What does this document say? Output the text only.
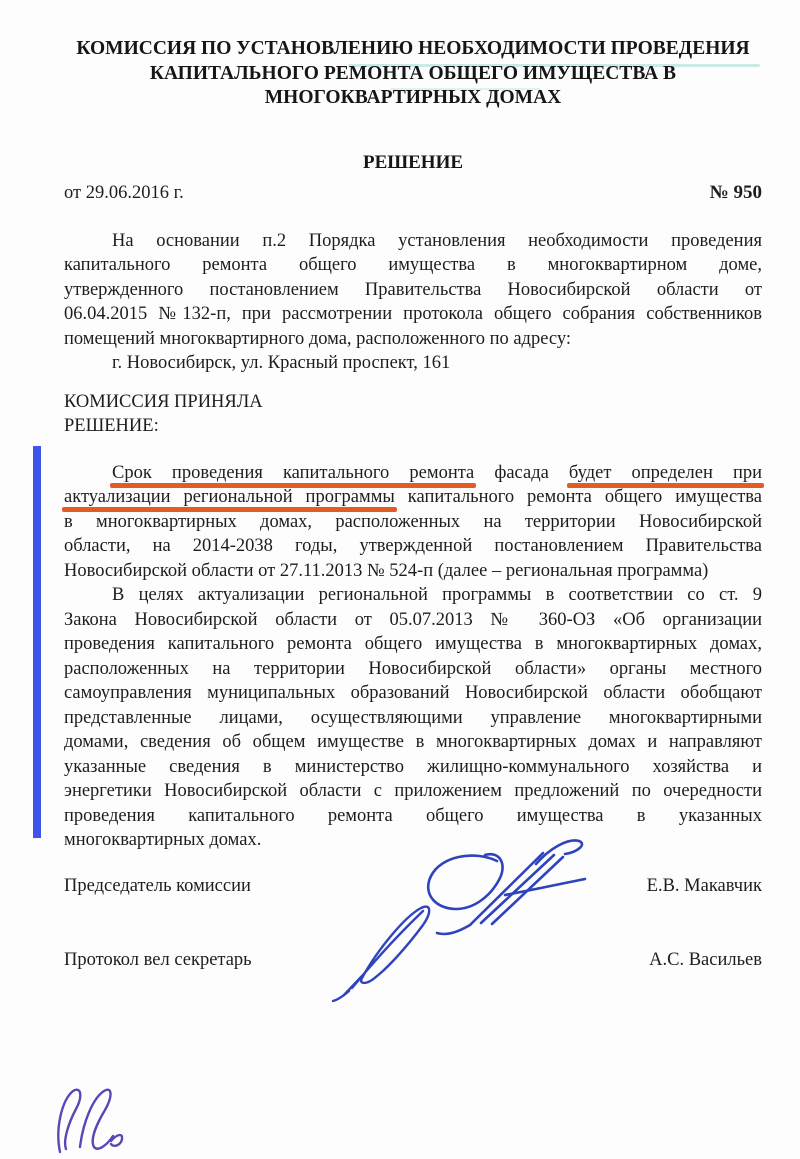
КОМИССИЯ ПО УСТАНОВЛЕНИЮ НЕОБХОДИМОСТИ ПРОВЕДЕНИЯ
КАПИТАЛЬНОГО РЕМОНТА ОБЩЕГО ИМУЩЕСТВА В
МНОГОКВАРТИРНЫХ ДОМАХ
РЕШЕНИЕ
от 29.06.2016 г.	№ 950
На основании п.2 Порядка установления необходимости проведения
капитального ремонта общего имущества в многоквартирном доме,
утвержденного постановлением Правительства Новосибирской области от
06.04.2015 №132-п, при рассмотрении протокола общего собрания собственников
помещений многоквартирного дома, расположенного по адресу:
г. Новосибирск, ул. Красный проспект, 161
КОМИССИЯ ПРИНЯЛА
РЕШЕНИЕ:
Срок проведения капитального ремонта фасада будет определен при
актуализации региональной программы капитального ремонта общего имущества
в многоквартирных домах, расположенных на территории Новосибирской
области, на 2014-2038 годы, утвержденной постановлением Правительства
Новосибирской области от 27.11.2013 № 524-п (далее – региональная программа)
В целях актуализации региональной программы в соответствии со ст. 9
Закона Новосибирской области от 05.07.2013 № 360-ОЗ «Об организации
проведения капитального ремонта общего имущества в многоквартирных домах,
расположенных на территории Новосибирской области» органы местного
самоуправления муниципальных образований Новосибирской области обобщают
представленные лицами, осуществляющими управление многоквартирными
домами, сведения об общем имуществе в многоквартирных домах и направляют
указанные сведения в министерство жилищно-коммунального хозяйства и
энергетики Новосибирской области с приложением предложений по очередности
проведения капитального ремонта общего имущества в указанных
многоквартирных домах.
Председатель комиссии	Е.В. Макавчик
Протокол вел секретарь	А.С. Васильев
